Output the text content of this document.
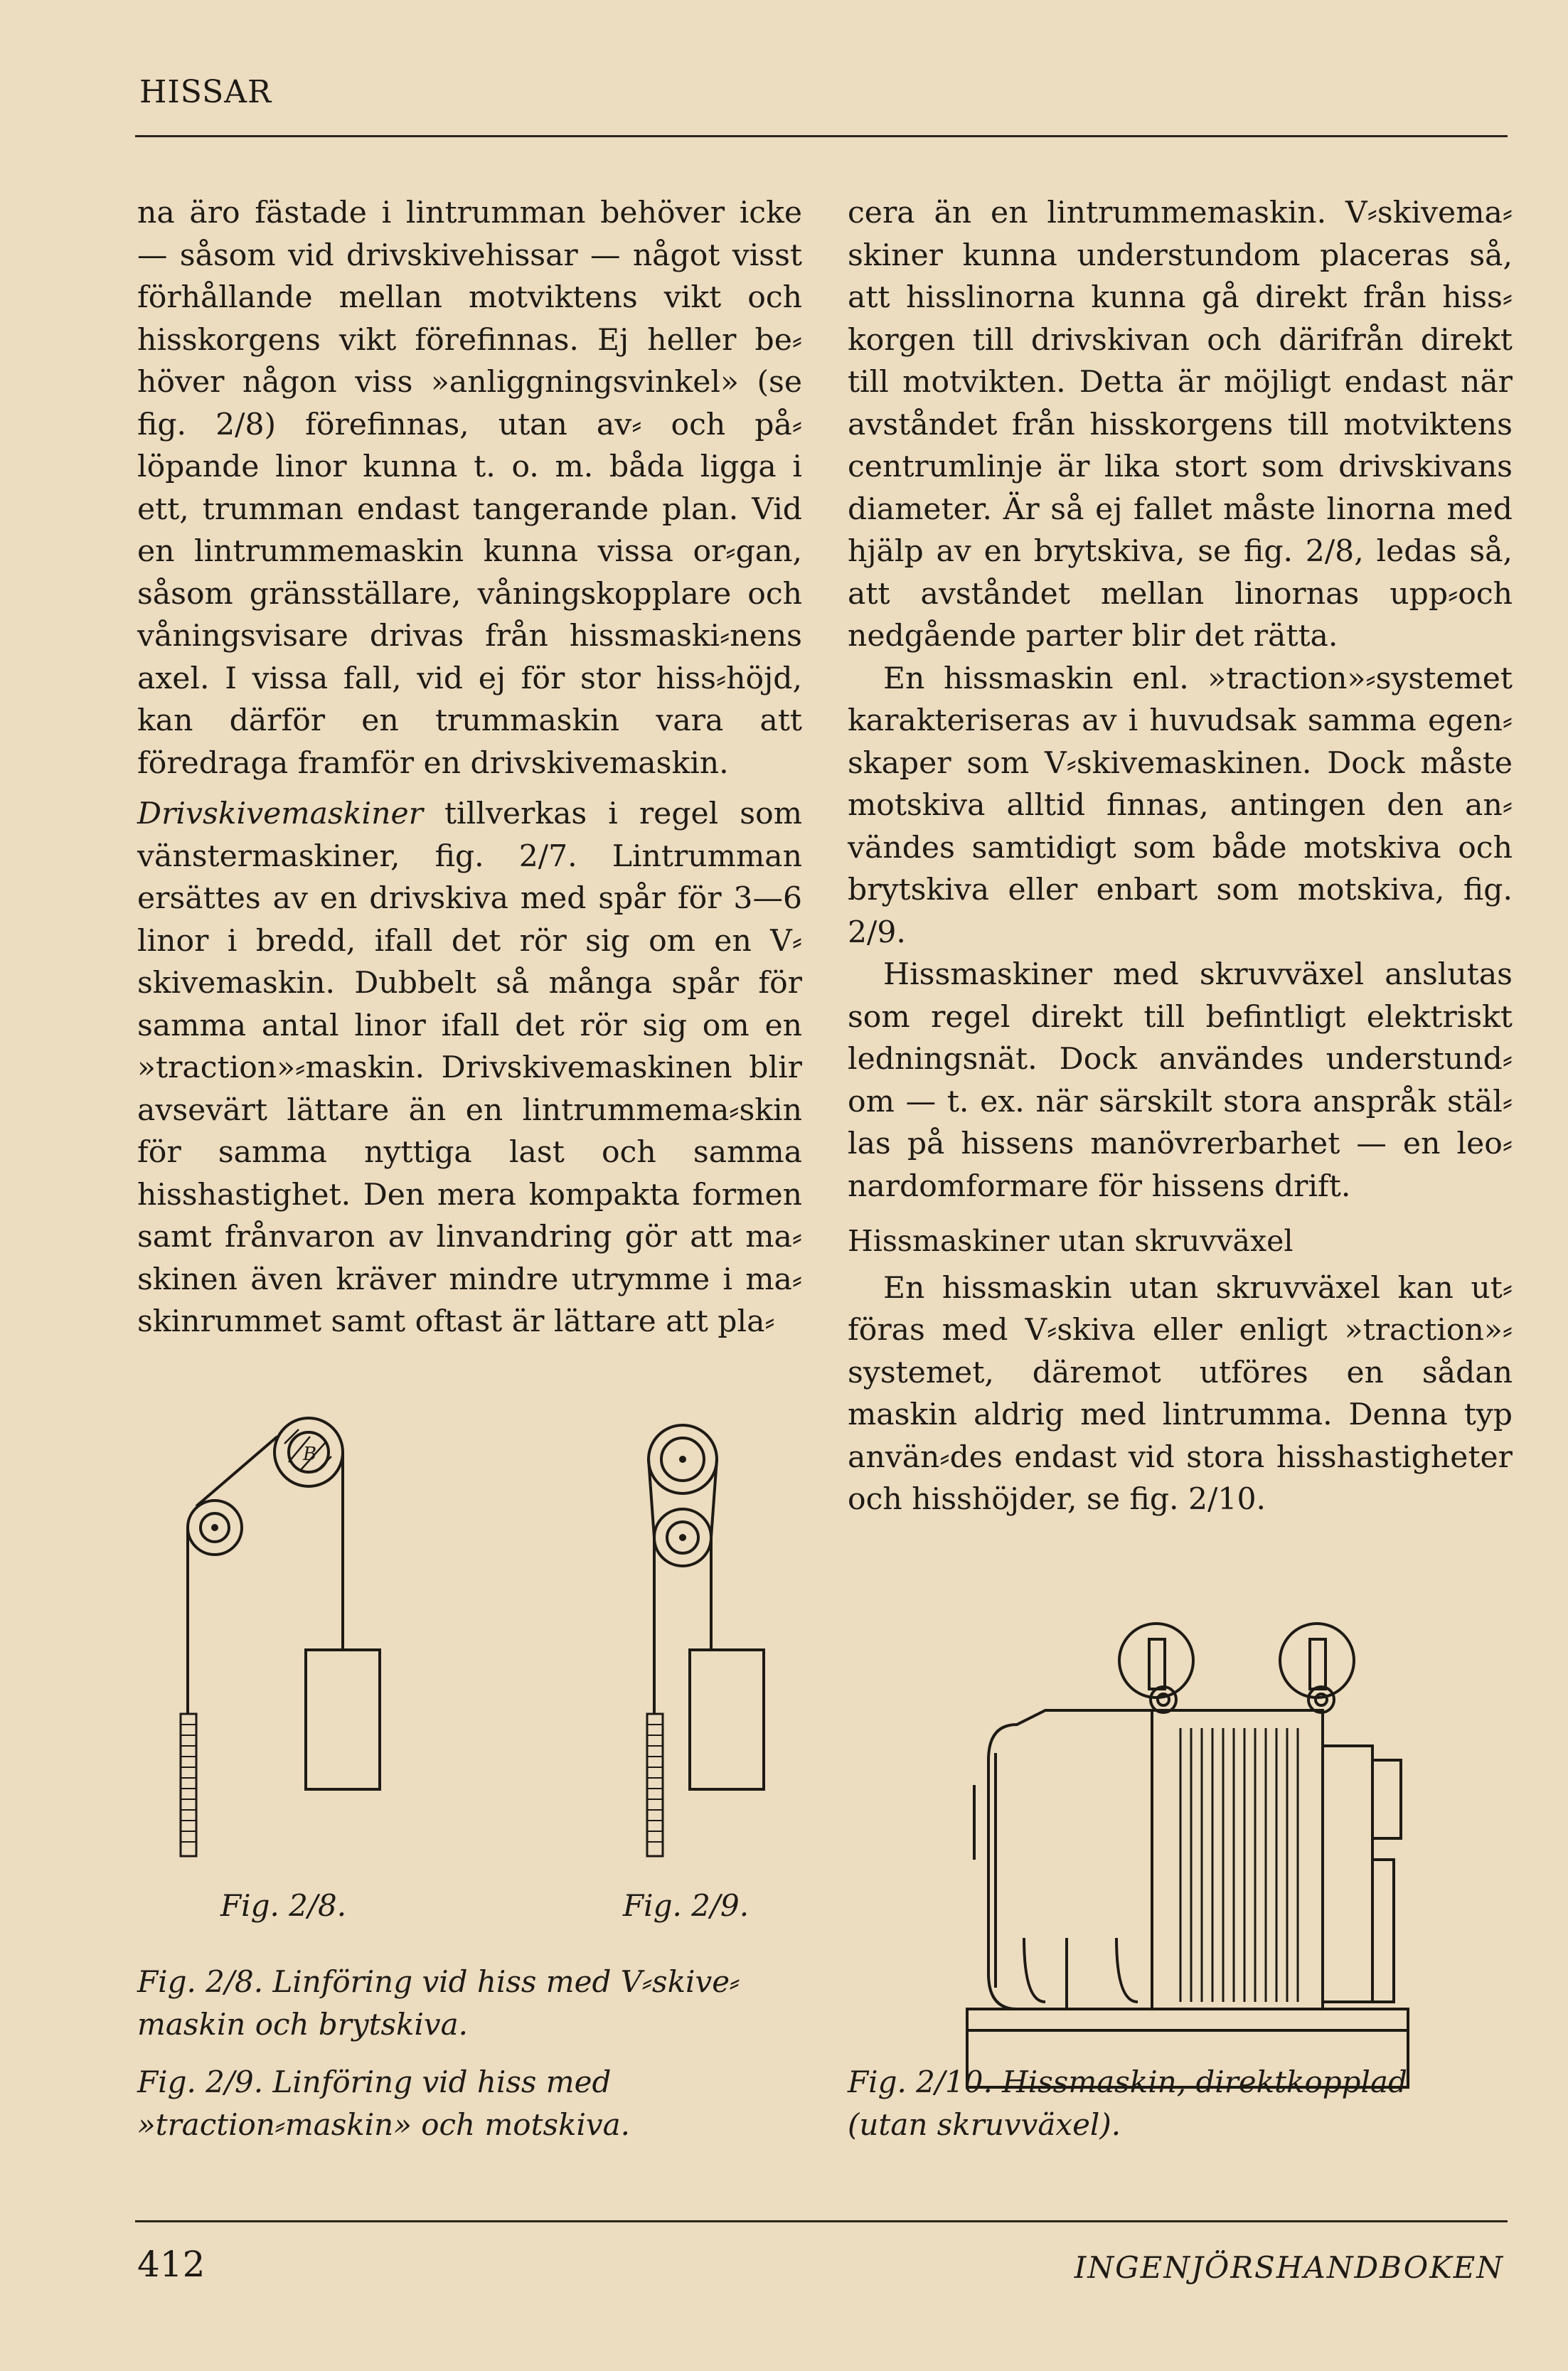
HISSAR

na äro fästade i lintrumman behöver icke — såsom vid drivskivehissar — något visst förhållande mellan motviktens vikt och hisskorgens vikt förefinnas. Ej heller be⸗höver någon viss »anliggningsvinkel» (se fig. 2/8) förefinnas, utan av⸗ och på⸗löpande linor kunna t. o. m. båda ligga i ett, trumman endast tangerande plan. Vid en lintrummemaskin kunna vissa or⸗gan, såsom gränsställare, våningskopplare och våningsvisare drivas från hissmaski⸗nens axel. I vissa fall, vid ej för stor hiss⸗höjd, kan därför en trummaskin vara att föredraga framför en drivskivemaskin.

Drivskivemaskiner tillverkas i regel som vänstermaskiner, fig. 2/7. Lintrumman ersättes av en drivskiva med spår för 3—6 linor i bredd, ifall det rör sig om en V⸗skivemaskin. Dubbelt så många spår för samma antal linor ifall det rör sig om en »traction»⸗maskin. Drivskivemaskinen blir avsevärt lättare än en lintrummema⸗skin för samma nyttiga last och samma hisshastighet. Den mera kompakta formen samt frånvaron av linvandring gör att ma⸗skinen även kräver mindre utrymme i ma⸗skinrummet samt oftast är lättare att pla⸗

cera än en lintrummemaskin. V⸗skivema⸗skiner kunna understundom placeras så, att hisslinorna kunna gå direkt från hiss⸗korgen till drivskivan och därifrån direkt till motvikten. Detta är möjligt endast när avståndet från hisskorgens till motviktens centrumlinje är lika stort som drivskivans diameter. Är så ej fallet måste linorna med hjälp av en brytskiva, se fig. 2/8, ledas så, att avståndet mellan linornas upp⸗och nedgående parter blir det rätta.

En hissmaskin enl. »traction»⸗systemet karakteriseras av i huvudsak samma egen⸗skaper som V⸗skivemaskinen. Dock måste motskiva alltid finnas, antingen den an⸗vändes samtidigt som både motskiva och brytskiva eller enbart som motskiva, fig. 2/9.

Hissmaskiner med skruvväxel anslutas som regel direkt till befintligt elektriskt ledningsnät. Dock användes understund⸗om — t. ex. när särskilt stora anspråk stäl⸗las på hissens manövrerbarhet — en leo⸗nardomformare för hissens drift.

Hissmaskiner utan skruvväxel

En hissmaskin utan skruvväxel kan ut⸗föras med V⸗skiva eller enligt »traction»⸗systemet, däremot utföres en sådan maskin aldrig med lintrumma. Denna typ använ⸗des endast vid stora hisshastigheter och hisshöjder, se fig. 2/10.

B
Fig. 2/8.	Fig. 2/9.
Fig. 2/8. Linföring vid hiss med V⸗skive⸗maskin och brytskiva.
Fig. 2/9. Linföring vid hiss med »traction⸗maskin» och motskiva.
Fig. 2/10. Hissmaskin, direktkopplad (utan skruvväxel).
412	INGENJÖRSHANDBOKEN
